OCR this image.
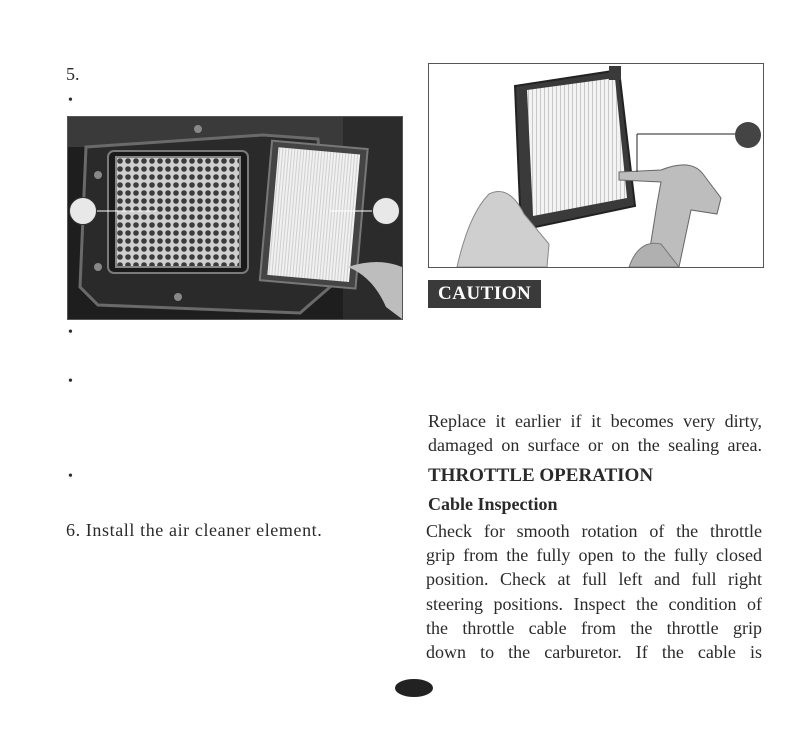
5.
•
•
•
•
6. Install the air cleaner element.
CAUTION
Replace it earlier if it becomes very dirty,
damaged on surface or on the sealing area.
THROTTLE OPERATION
Cable Inspection
Check for smooth rotation of the throttle
grip from the fully open to the fully closed
position. Check at full left and full right
steering positions. Inspect the condition of
the throttle cable from the throttle grip
down to the carburetor. If the cable is
